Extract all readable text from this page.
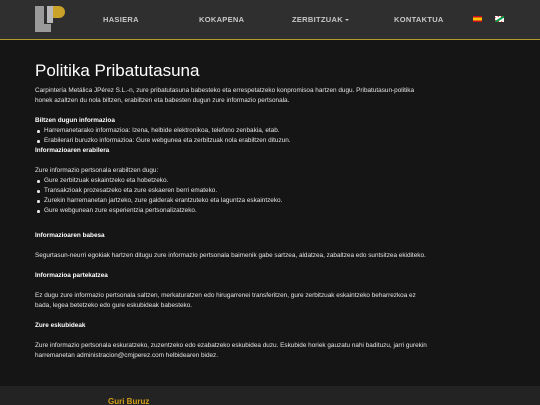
HASIERA	KOKAPENA	ZERBITZUAK	KONTAKTUA
Politika Pribatutasuna

Carpintería Metálica JPérez S.L.-n, zure pribatutasuna babesteko eta errespetatzeko konpromisoa hartzen dugu. Pribatutasun-politika

honek azaltzen du nola biltzen, erabiltzen eta babesten dugun zure informazio pertsonala.

Biltzen dugun informazioa

Harremanetarako informazioa: Izena, helbide elektronikoa, telefono zenbakia, etab.
Erabilerari buruzko informazioa: Gure webgunea eta zerbitzuak nola erabiltzen dituzun.

Informazioaren erabilera

Zure informazio pertsonala erabiltzen dugu:

Gure zerbitzuak eskaintzeko eta hobetzeko.
Transakzioak prozesatzeko eta zure eskaeren berri emateko.
Zurekin harremanetan jartzeko, zure galderak erantzuteko eta laguntza eskaintzeko.
Gure webgunean zure esperientzia pertsonalizatzeko.

Informazioaren babesa

Segurtasun-neurri egokiak hartzen ditugu zure informazio pertsonala baimenik gabe sartzea, aldatzea, zabaltzea edo suntsitzea ekiditeko.

Informazioa partekatzea

Ez dugu zure informazio pertsonala saltzen, merkaturatzen edo hirugarrenei transferitzen, gure zerbitzuak eskaintzeko beharrezkoa ez

bada, legea betetzeko edo gure eskubideak babesteko.

Zure eskubideak

Zure informazio pertsonala eskuratzeko, zuzentzeko edo ezabatzeko eskubidea duzu. Eskubide horiek gauzatu nahi badituzu, jarri gurekin

harremanetan administracion@cmjperez.com helbidearen bidez.

Guri Buruz
